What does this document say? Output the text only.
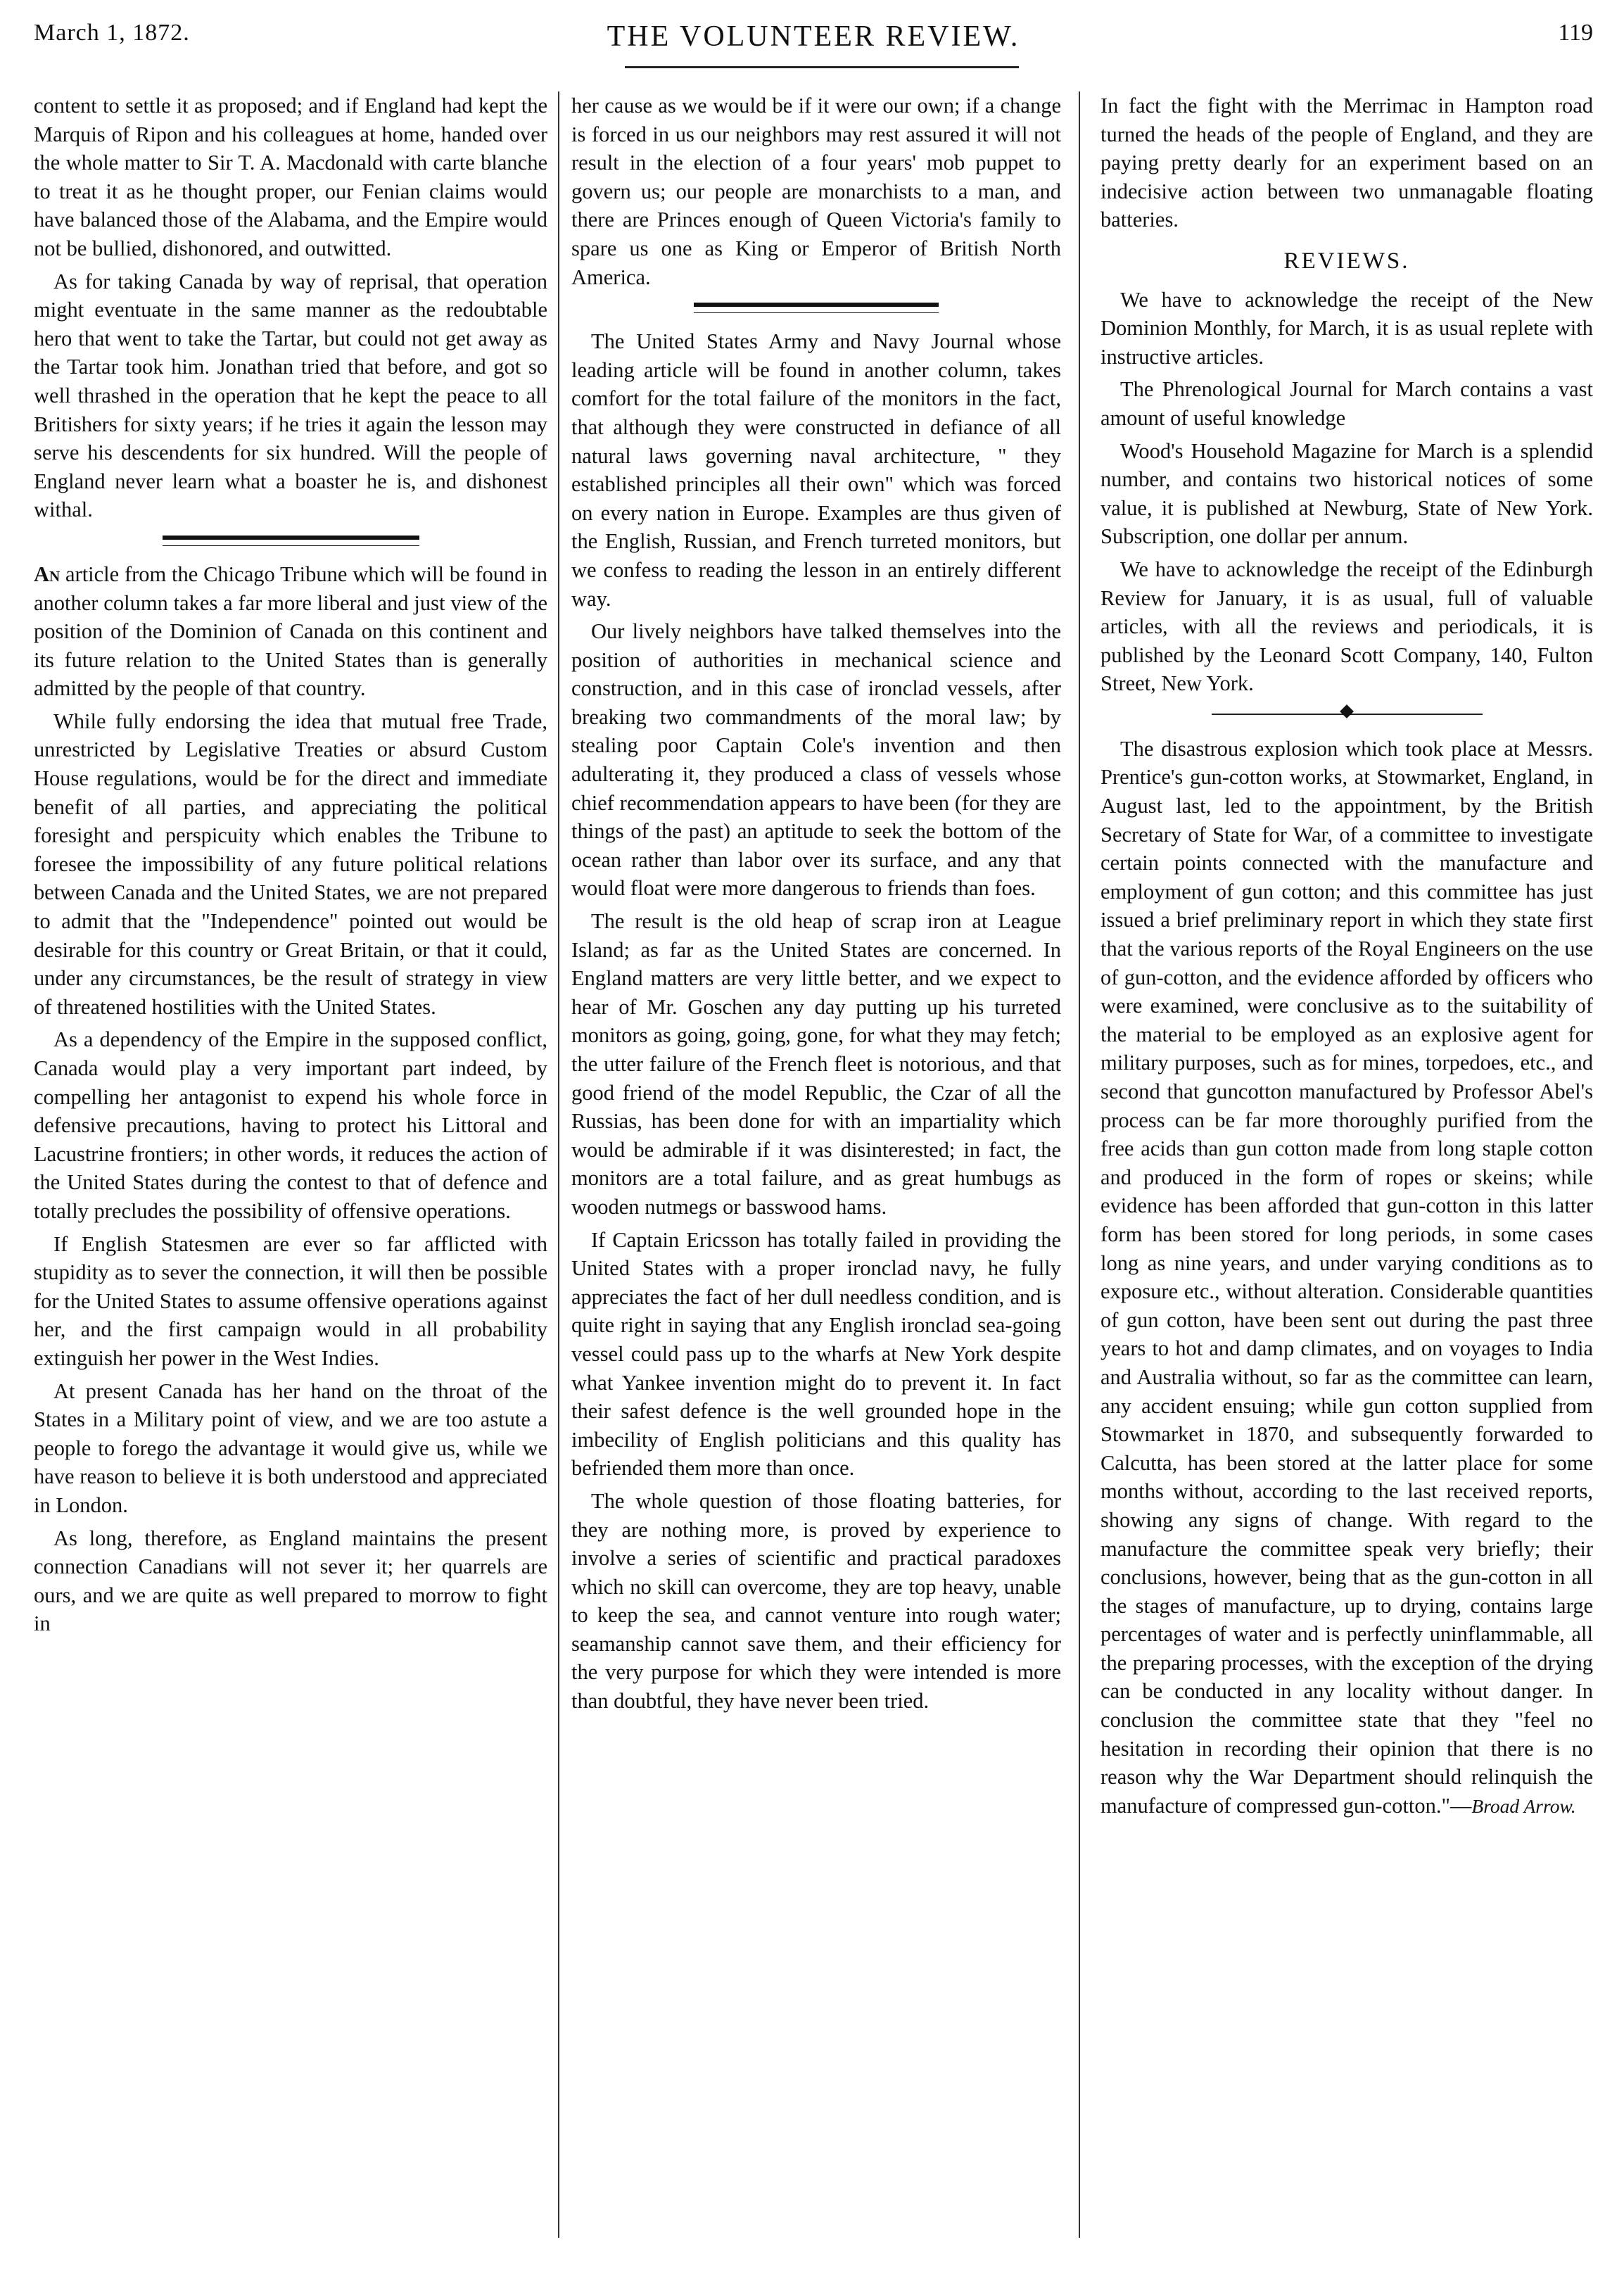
March 1, 1872.	THE VOLUNTEER REVIEW.	119

content to settle it as proposed; and if England had kept the Marquis of Ripon and his colleagues at home, handed over the whole matter to Sir T. A. Macdonald with carte blanche to treat it as he thought proper, our Fenian claims would have balanced those of the Alabama, and the Empire would not be bullied, dishonored, and outwitted.

As for taking Canada by way of reprisal, that operation might eventuate in the same manner as the redoubtable hero that went to take the Tartar, but could not get away as the Tartar took him. Jonathan tried that before, and got so well thrashed in the operation that he kept the peace to all Britishers for sixty years; if he tries it again the lesson may serve his descendents for six hundred. Will the people of England never learn what a boaster he is, and dishonest withal.

An article from the Chicago Tribune which will be found in another column takes a far more liberal and just view of the position of the Dominion of Canada on this continent and its future relation to the United States than is generally admitted by the people of that country.

While fully endorsing the idea that mutual free Trade, unrestricted by Legislative Treaties or absurd Custom House regulations, would be for the direct and immediate benefit of all parties, and appreciating the political foresight and perspicuity which enables the Tribune to foresee the impossibility of any future political relations between Canada and the United States, we are not prepared to admit that the "Independence" pointed out would be desirable for this country or Great Britain, or that it could, under any circumstances, be the result of strategy in view of threatened hostilities with the United States.

As a dependency of the Empire in the supposed conflict, Canada would play a very important part indeed, by compelling her antagonist to expend his whole force in defensive precautions, having to protect his Littoral and Lacustrine frontiers; in other words, it reduces the action of the United States during the contest to that of defence and totally precludes the possibility of offensive operations.

If English Statesmen are ever so far afflicted with stupidity as to sever the connection, it will then be possible for the United States to assume offensive operations against her, and the first campaign would in all probability extinguish her power in the West Indies.

At present Canada has her hand on the throat of the States in a Military point of view, and we are too astute a people to forego the advantage it would give us, while we have reason to believe it is both understood and appreciated in London.

As long, therefore, as England maintains the present connection Canadians will not sever it; her quarrels are ours, and we are quite as well prepared to morrow to fight in

her cause as we would be if it were our own; if a change is forced in us our neighbors may rest assured it will not result in the election of a four years' mob puppet to govern us; our people are monarchists to a man, and there are Princes enough of Queen Victoria's family to spare us one as King or Emperor of British North America.

The United States Army and Navy Journal whose leading article will be found in another column, takes comfort for the total failure of the monitors in the fact, that although they were constructed in defiance of all natural laws governing naval architecture, " they established principles all their own" which was forced on every nation in Europe. Examples are thus given of the English, Russian, and French turreted monitors, but we confess to reading the lesson in an entirely different way.

Our lively neighbors have talked themselves into the position of authorities in mechanical science and construction, and in this case of ironclad vessels, after breaking two commandments of the moral law; by stealing poor Captain Cole's invention and then adulterating it, they produced a class of vessels whose chief recommendation appears to have been (for they are things of the past) an aptitude to seek the bottom of the ocean rather than labor over its surface, and any that would float were more dangerous to friends than foes.

The result is the old heap of scrap iron at League Island; as far as the United States are concerned. In England matters are very little better, and we expect to hear of Mr. Goschen any day putting up his turreted monitors as going, going, gone, for what they may fetch; the utter failure of the French fleet is notorious, and that good friend of the model Republic, the Czar of all the Russias, has been done for with an impartiality which would be admirable if it was disinterested; in fact, the monitors are a total failure, and as great humbugs as wooden nutmegs or basswood hams.

If Captain Ericsson has totally failed in providing the United States with a proper ironclad navy, he fully appreciates the fact of her dull needless condition, and is quite right in saying that any English ironclad sea-going vessel could pass up to the wharfs at New York despite what Yankee invention might do to prevent it. In fact their safest defence is the well grounded hope in the imbecility of English politicians and this quality has befriended them more than once.

The whole question of those floating batteries, for they are nothing more, is proved by experience to involve a series of scientific and practical paradoxes which no skill can overcome, they are top heavy, unable to keep the sea, and cannot venture into rough water; seamanship cannot save them, and their efficiency for the very purpose for which they were intended is more than doubtful, they have never been tried.

In fact the fight with the Merrimac in Hampton road turned the heads of the people of England, and they are paying pretty dearly for an experiment based on an indecisive action between two unmanagable floating batteries.

REVIEWS.

We have to acknowledge the receipt of the New Dominion Monthly, for March, it is as usual replete with instructive articles.

The Phrenological Journal for March contains a vast amount of useful knowledge

Wood's Household Magazine for March is a splendid number, and contains two historical notices of some value, it is published at Newburg, State of New York. Subscription, one dollar per annum.

We have to acknowledge the receipt of the Edinburgh Review for January, it is as usual, full of valuable articles, with all the reviews and periodicals, it is published by the Leonard Scott Company, 140, Fulton Street, New York.

The disastrous explosion which took place at Messrs. Prentice's gun-cotton works, at Stowmarket, England, in August last, led to the appointment, by the British Secretary of State for War, of a committee to investigate certain points connected with the manufacture and employment of gun cotton; and this committee has just issued a brief preliminary report in which they state first that the various reports of the Royal Engineers on the use of gun-cotton, and the evidence afforded by officers who were examined, were conclusive as to the suitability of the material to be employed as an explosive agent for military purposes, such as for mines, torpedoes, etc., and second that guncotton manufactured by Professor Abel's process can be far more thoroughly purified from the free acids than gun cotton made from long staple cotton and produced in the form of ropes or skeins; while evidence has been afforded that gun-cotton in this latter form has been stored for long periods, in some cases long as nine years, and under varying conditions as to exposure etc., without alteration. Considerable quantities of gun cotton, have been sent out during the past three years to hot and damp climates, and on voyages to India and Australia without, so far as the committee can learn, any accident ensuing; while gun cotton supplied from Stowmarket in 1870, and subsequently forwarded to Calcutta, has been stored at the latter place for some months without, according to the last received reports, showing any signs of change. With regard to the manufacture the committee speak very briefly; their conclusions, however, being that as the gun-cotton in all the stages of manufacture, up to drying, contains large percentages of water and is perfectly uninflammable, all the preparing processes, with the exception of the drying can be conducted in any locality without danger. In conclusion the committee state that they "feel no hesitation in recording their opinion that there is no reason why the War Department should relinquish the manufacture of compressed gun-cotton."—Broad Arrow.
